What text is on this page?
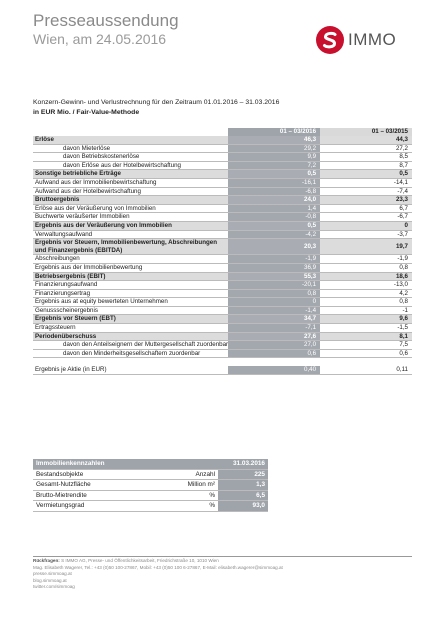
Presseaussendung
Wien, am 24.05.2016	IMMO
Konzern-Gewinn- und Verlustrechnung für den Zeitraum 01.01.2016 – 31.03.2016
in EUR Mio. / Fair-Value-Methode
	01 – 03/2016	01 – 03/2015
Erlöse	46,3	44,3
davon Mieterlöse	29,2	27,2
davon Betriebskostenerlöse	9,9	8,5
davon Erlöse aus der Hotelbewirtschaftung	7,2	8,7
Sonstige betriebliche Erträge	0,5	0,5
Aufwand aus der Immobilienbewirtschaftung	-16,1	-14,1
Aufwand aus der Hotelbewirtschaftung	-6,8	-7,4
Bruttoergebnis	24,0	23,3
Erlöse aus der Veräußerung von Immobilien	1,4	6,7
Buchwerte veräußerter Immobilien	-0,8	-6,7
Ergebnis aus der Veräußerung von Immobilien	0,5	0
Verwaltungsaufwand	-4,2	-3,7
Ergebnis vor Steuern, Immobilienbewertung, Abschreibungen und Finanzergebnis (EBITDA)	20,3	19,7
Abschreibungen	-1,9	-1,9
Ergebnis aus der Immobilienbewertung	36,9	0,8
Betriebsergebnis (EBIT)	55,3	18,6
Finanzierungsaufwand	-20,1	-13,0
Finanzierungsertrag	0,8	4,2
Ergebnis aus at equity bewerteten Unternehmen	0	0,8
Genussscheinergebnis	-1,4	-1
Ergebnis vor Steuern (EBT)	34,7	9,6
Ertragssteuern	-7,1	-1,5
Periodenüberschuss	27,6	8,1
davon den Anteilseignern der Muttergesellschaft zuordenbar	27,0	7,5
davon den Minderheitsgesellschaftern zuordenbar	0,6	0,6

Ergebnis je Aktie (in EUR)	0,40	0,11
Immobilienkennzahlen		31.03.2016
Bestandsobjekte	Anzahl	225
Gesamt-Nutzfläche	Million m²	1,3
Brutto-Mietrendite	%	6,5
Vermietungsgrad	%	93,0
Rückfragen: S IMMO AG, Presse- und Öffentlichkeitsarbeit, Friedrichstraße 10, 1010 Wien
Mag. Elisabeth Wagerer, Tel.: +43 (0)50 100-27867, Mobil: +43 (0)50 100 6-27867, E-Mail: elisabeth.wagerer@simmoag.at
presse.simmoag.at
blog.simmoag.at
twitter.com/simmoag
